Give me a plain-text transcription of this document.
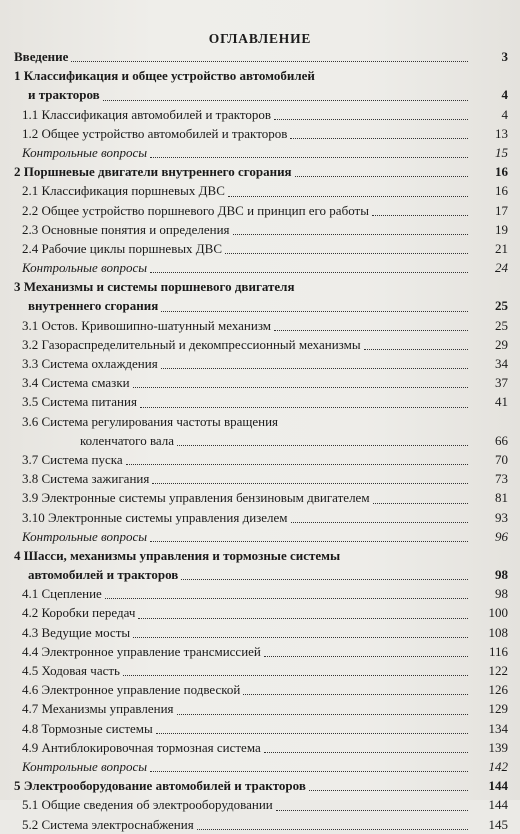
ОГЛАВЛЕНИЕ
Введение	3
1 Классификация и общее устройство автомобилей
и тракторов	4
1.1 Классификация автомобилей и тракторов	4
1.2 Общее устройство автомобилей и тракторов	13
Контрольные вопросы	15
2 Поршневые двигатели внутреннего сгорания	16
2.1 Классификация поршневых ДВС	16
2.2 Общее устройство поршневого ДВС и принцип его работы	17
2.3 Основные понятия и определения	19
2.4 Рабочие циклы поршневых ДВС	21
Контрольные вопросы	24
3 Механизмы и системы поршневого двигателя
внутреннего сгорания	25
3.1 Остов. Кривошипно-шатунный механизм	25
3.2 Газораспределительный и декомпрессионный механизмы	29
3.3 Система охлаждения	34
3.4 Система смазки	37
3.5 Система питания	41
3.6 Система регулирования частоты вращения
коленчатого вала	66
3.7 Система пуска	70
3.8 Система зажигания	73
3.9 Электронные системы управления бензиновым двигателем	81
3.10 Электронные системы управления дизелем	93
Контрольные вопросы	96
4 Шасси, механизмы управления и тормозные системы
автомобилей и тракторов	98
4.1 Сцепление	98
4.2 Коробки передач	100
4.3 Ведущие мосты	108
4.4 Электронное управление трансмиссией	116
4.5 Ходовая часть	122
4.6 Электронное управление подвеской	126
4.7 Механизмы управления	129
4.8 Тормозные системы	134
4.9 Антиблокировочная тормозная система	139
Контрольные вопросы	142
5 Электрооборудование автомобилей и тракторов	144
5.1 Общие сведения об электрооборудовании	144
5.2 Система электроснабжения	145
